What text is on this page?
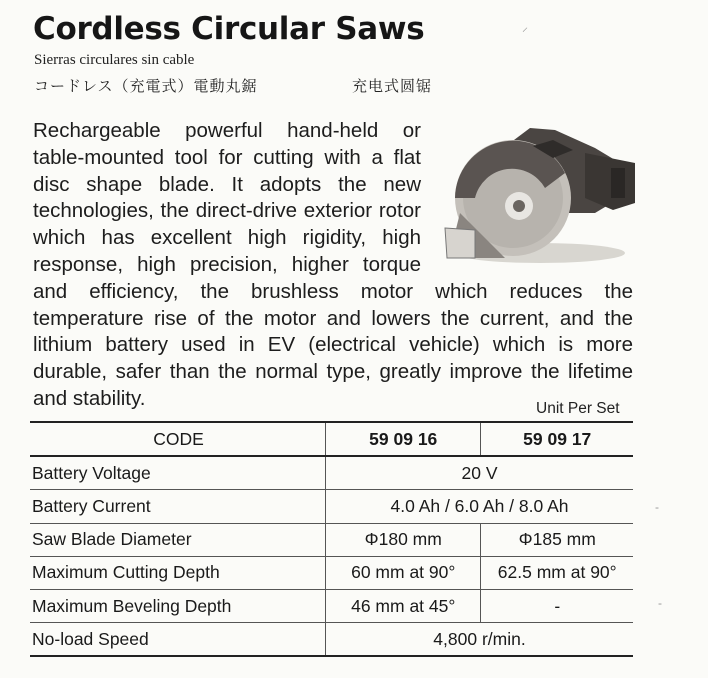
Cordless Circular Saws
Sierras circulares sin cable
コードレス（充電式）電動丸鋸	充电式圆锯
Rechargeable powerful hand-held or table-mounted tool for cutting with a flat disc shape blade. It adopts the new technologies, the direct-drive exterior rotor which has excellent high rigidity, high response, high precision, higher torque and efficiency, the brushless motor which reduces the temperature rise of the motor and lowers the current, and the lithium battery used in EV (electrical vehicle) which is more durable, safer than the normal type, greatly improve the lifetime and stability.	Unit Per Set
CODE	59 09 16	59 09 17
Battery Voltage	20 V	
Battery Current	4.0 Ah / 6.0 Ah / 8.0 Ah	
Saw Blade Diameter	Φ180 mm	Φ185 mm
Maximum Cutting Depth	60 mm at 90°	62.5 mm at 90°
Maximum Beveling Depth	46 mm at 45°	-
No-load Speed	4,800 r/min.	
⸝
-
-
